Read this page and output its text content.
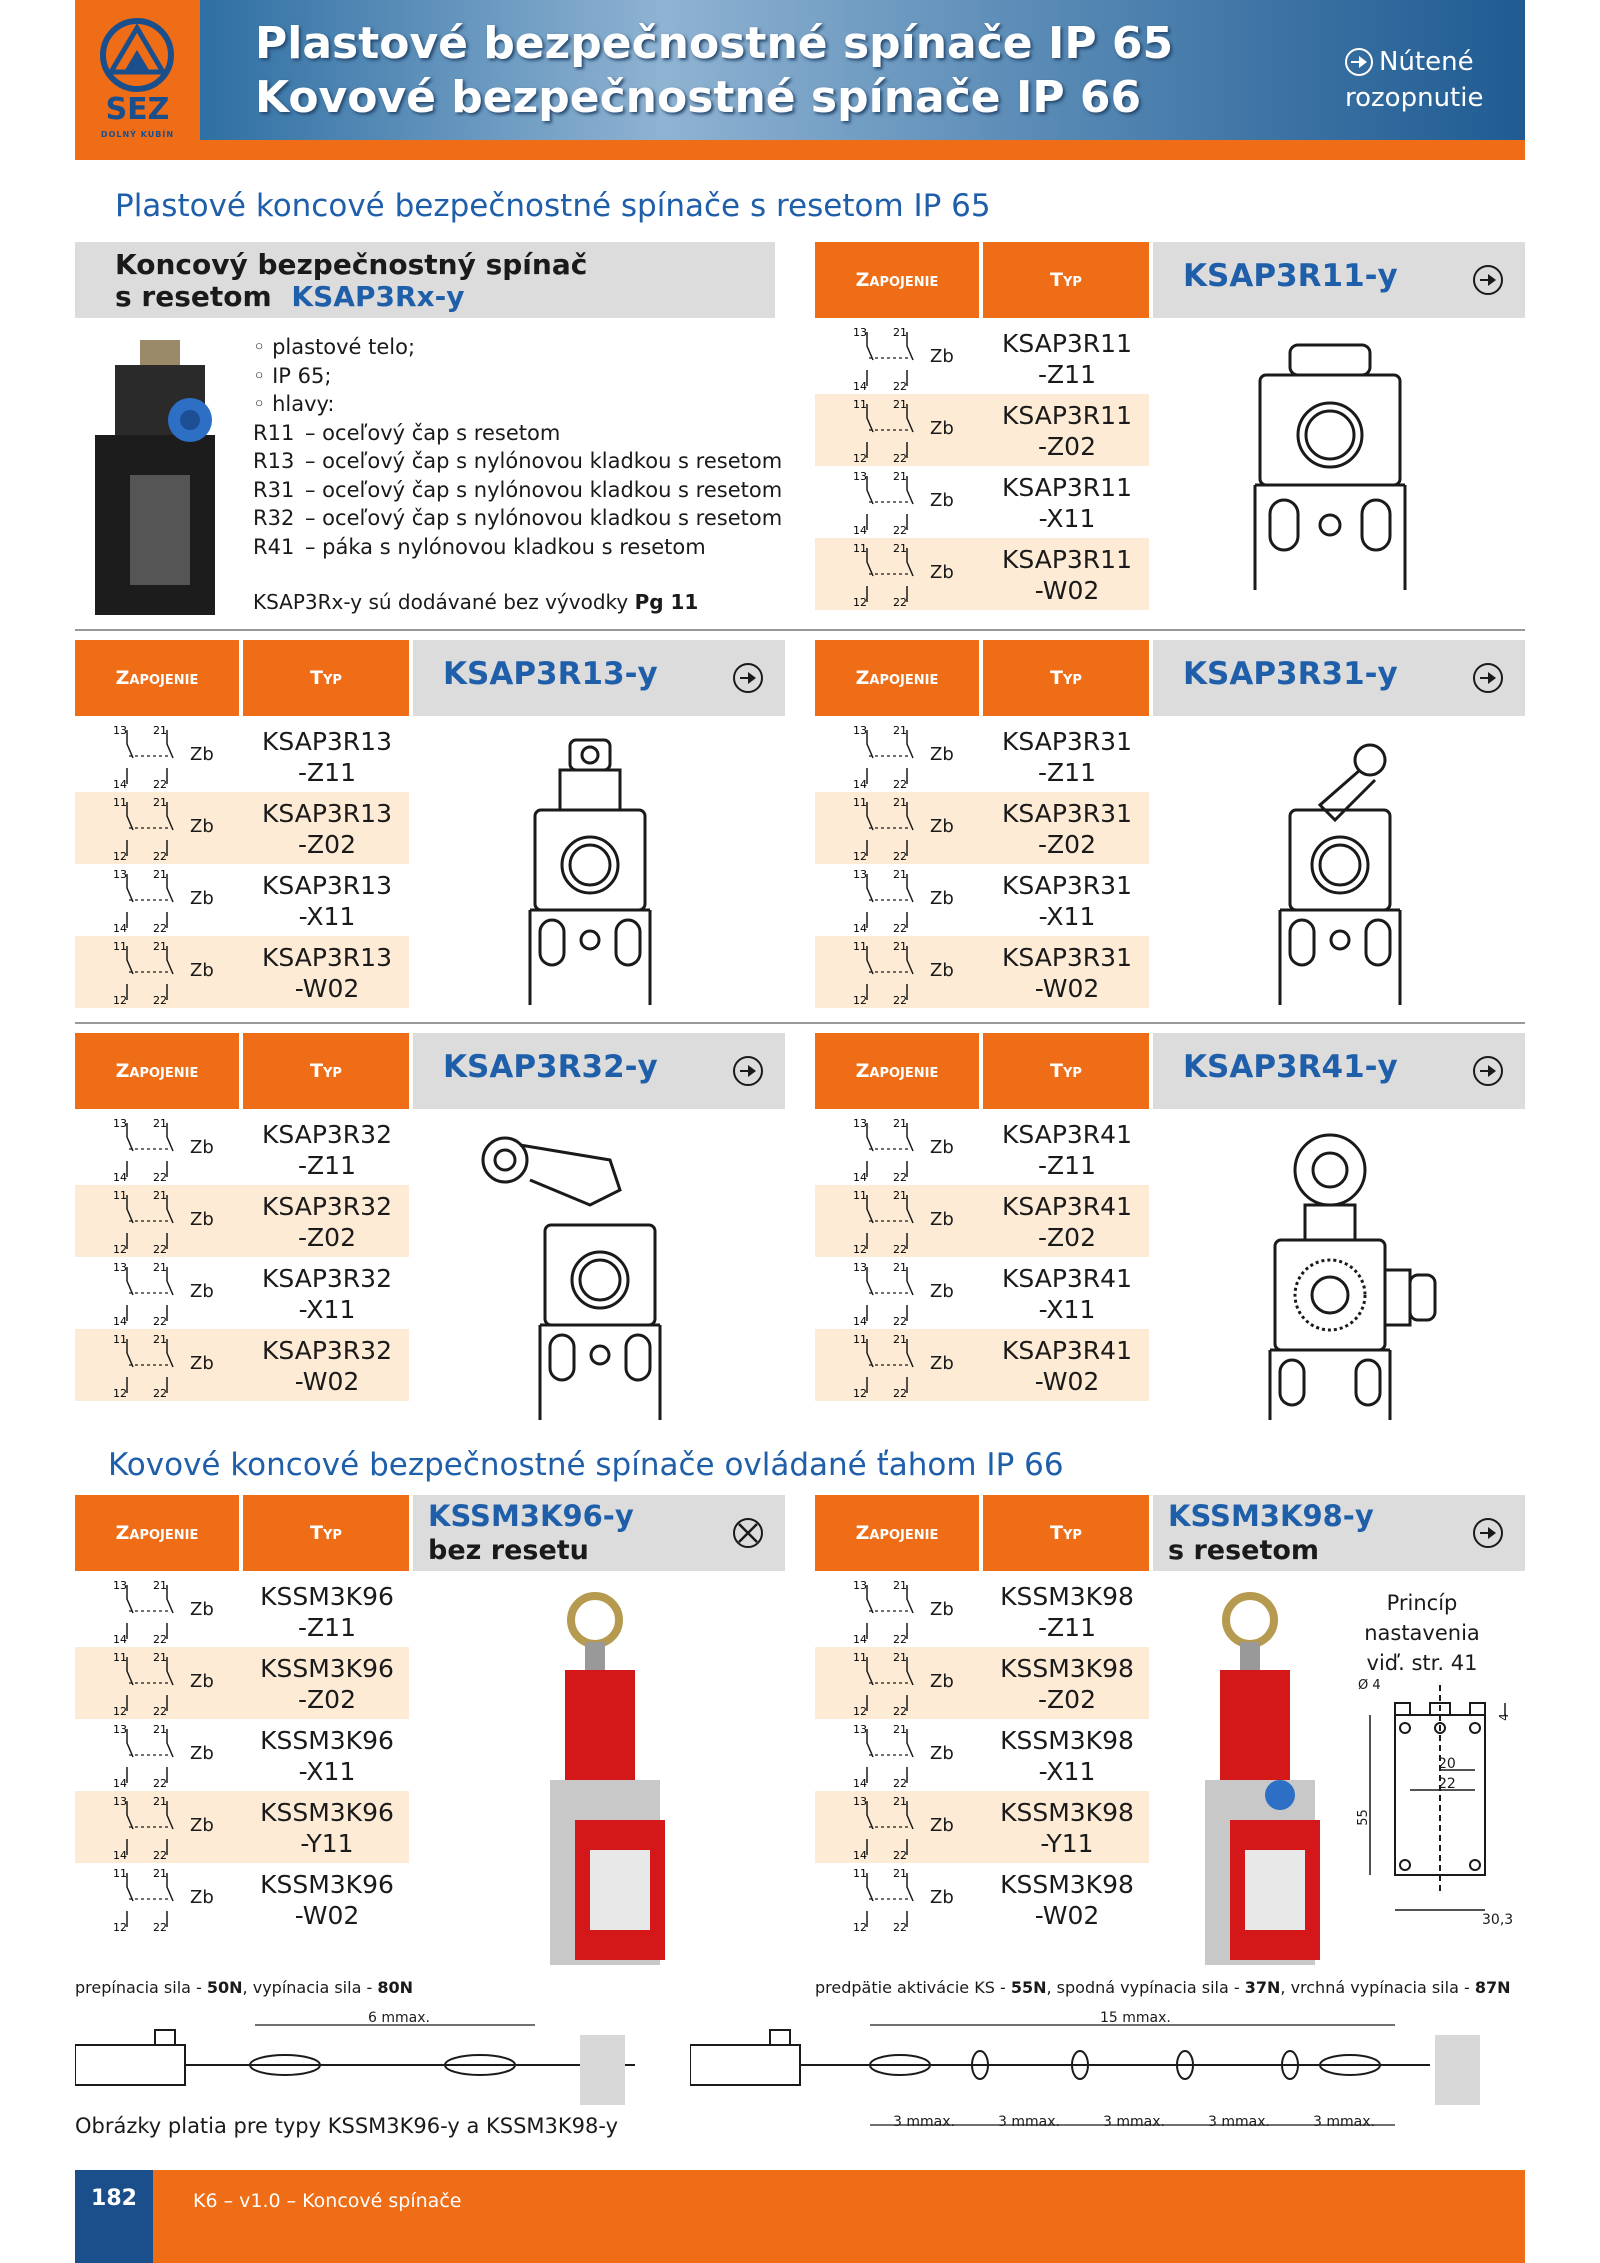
SEZ
DOLNÝ KUBÍN
Plastové bezpečnostné spínače IP 65
Kovové bezpečnostné spínače IP 66
Nútené
rozopnutie
Plastové koncové bezpečnostné spínače s resetom IP 65
Koncový bezpečnostný spínač
s resetom KSAP3Rx-y
◦ plastové telo;
◦ IP 65;
◦ hlavy:
R11 – oceľový čap s resetom
R13 – oceľový čap s nylónovou kladkou s resetom
R31 – oceľový čap s nylónovou kladkou s resetom
R32 – oceľový čap s nylónovou kladkou s resetom
R41 – páka s nylónovou kladkou s resetom
KSAP3Rx-y sú dodávané bez vývodky Pg 11
Zapojenie	Typ	KSAP3R11-y
13 21
14 22
Zb	KSAP3R11
-Z11
11 21
12 22
Zb	KSAP3R11
-Z02
13 21
14 22
Zb	KSAP3R11
-X11
11 21
12 22
Zb	KSAP3R11
-W02
Zapojenie	Typ	KSAP3R13-y
13 21
14 22
Zb	KSAP3R13
-Z11
11 21
12 22
Zb	KSAP3R13
-Z02
13 21
14 22
Zb	KSAP3R13
-X11
11 21
12 22
Zb	KSAP3R13
-W02
Zapojenie	Typ	KSAP3R31-y
13 21
14 22
Zb	KSAP3R31
-Z11
11 21
12 22
Zb	KSAP3R31
-Z02
13 21
14 22
Zb	KSAP3R31
-X11
11 21
12 22
Zb	KSAP3R31
-W02
Zapojenie	Typ	KSAP3R32-y
13 21
14 22
Zb	KSAP3R32
-Z11
11 21
12 22
Zb	KSAP3R32
-Z02
13 21
14 22
Zb	KSAP3R32
-X11
11 21
12 22
Zb	KSAP3R32
-W02
Zapojenie	Typ	KSAP3R41-y
13 21
14 22
Zb	KSAP3R41
-Z11
11 21
12 22
Zb	KSAP3R41
-Z02
13 21
14 22
Zb	KSAP3R41
-X11
11 21
12 22
Zb	KSAP3R41
-W02
Zapojenie	Typ	KSSM3K96-y
bez resetu
13 21
14 22
Zb	KSSM3K96
-Z11
11 21
12 22
Zb	KSSM3K96
-Z02
13 21
14 22
Zb	KSSM3K96
-X11
13 21
14 22
Zb	KSSM3K96
-Y11
11 21
12 22
Zb	KSSM3K96
-W02
Zapojenie	Typ	KSSM3K98-y
s resetom
13 21
14 22
Zb	KSSM3K98
-Z11
11 21
12 22
Zb	KSSM3K98
-Z02
13 21
14 22
Zb	KSSM3K98
-X11
13 21
14 22
Zb	KSSM3K98
-Y11
11 21
12 22
Zb	KSSM3K98
-W02
Kovové koncové bezpečnostné spínače ovládané ťahom IP 66
Princíp nastavenia
viď. str. 41
Ø 4
20
22
55
30,3
4
prepínacia sila - 50N, vypínacia sila - 80N	predpätie aktivácie KS - 55N, spodná vypínacia sila - 37N, vrchná vypínacia sila - 87N
6 mmax.	15 mmax.
3 mmax.	3 mmax.	3 mmax.	3 mmax.	3 mmax.
Obrázky platia pre typy KSSM3K96-y a KSSM3K98-y
182	K6 – v1.0 – Koncové spínače
